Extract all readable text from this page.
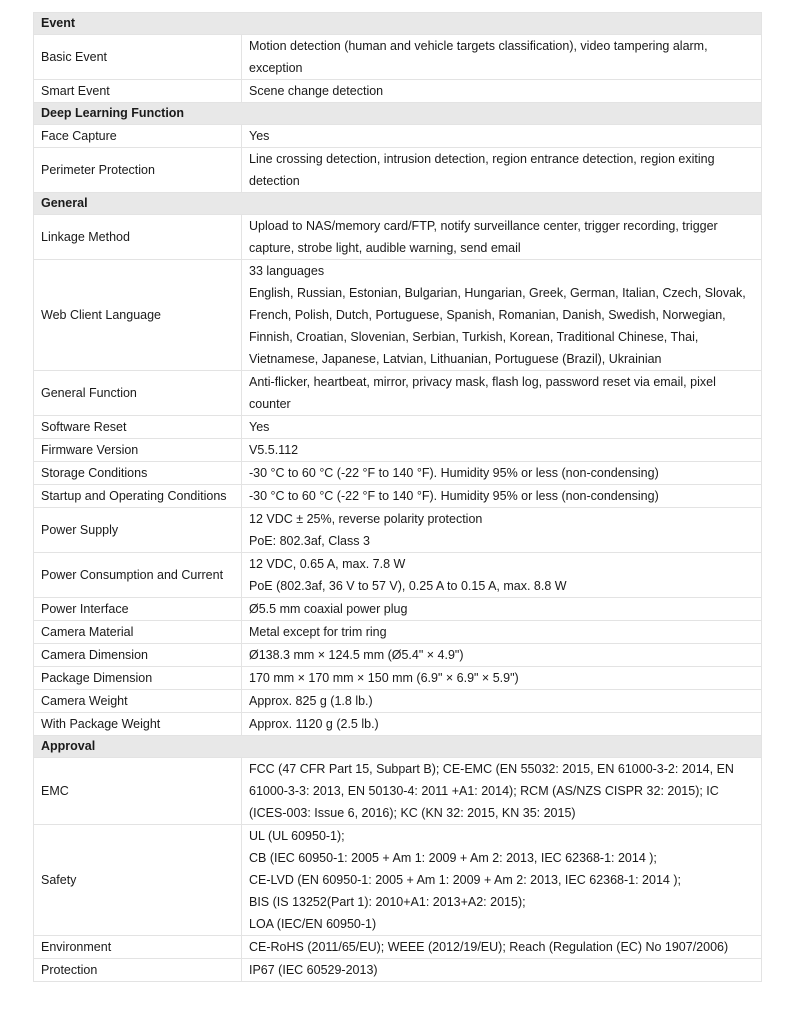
Event	
Basic Event	Motion detection (human and vehicle targets classification), video tampering alarm,
exception
Smart Event	Scene change detection
Deep Learning Function	
Face Capture	Yes
Perimeter Protection	Line crossing detection, intrusion detection, region entrance detection, region exiting
detection
General	
Linkage Method	Upload to NAS/memory card/FTP, notify surveillance center, trigger recording, trigger
capture, strobe light, audible warning, send email
Web Client Language	33 languages
English, Russian, Estonian, Bulgarian, Hungarian, Greek, German, Italian, Czech, Slovak,
French, Polish, Dutch, Portuguese, Spanish, Romanian, Danish, Swedish, Norwegian,
Finnish, Croatian, Slovenian, Serbian, Turkish, Korean, Traditional Chinese, Thai,
Vietnamese, Japanese, Latvian, Lithuanian, Portuguese (Brazil), Ukrainian
General Function	Anti-flicker, heartbeat, mirror, privacy mask, flash log, password reset via email, pixel
counter
Software Reset	Yes
Firmware Version	V5.5.112
Storage Conditions	-30 °C to 60 °C (-22 °F to 140 °F). Humidity 95% or less (non-condensing)
Startup and Operating Conditions	-30 °C to 60 °C (-22 °F to 140 °F). Humidity 95% or less (non-condensing)
Power Supply	12 VDC ± 25%, reverse polarity protection
PoE: 802.3af, Class 3
Power Consumption and Current	12 VDC, 0.65 A, max. 7.8 W
PoE (802.3af, 36 V to 57 V), 0.25 A to 0.15 A, max. 8.8 W
Power Interface	Ø5.5 mm coaxial power plug
Camera Material	Metal except for trim ring
Camera Dimension	Ø138.3 mm × 124.5 mm (Ø5.4" × 4.9")
Package Dimension	170 mm × 170 mm × 150 mm (6.9" × 6.9" × 5.9")
Camera Weight	Approx. 825 g (1.8 lb.)
With Package Weight	Approx. 1120 g (2.5 lb.)
Approval	
EMC	FCC (47 CFR Part 15, Subpart B); CE-EMC (EN 55032: 2015, EN 61000-3-2: 2014, EN
61000-3-3: 2013, EN 50130-4: 2011 +A1: 2014); RCM (AS/NZS CISPR 32: 2015); IC
(ICES-003: Issue 6, 2016); KC (KN 32: 2015, KN 35: 2015)
Safety	UL (UL 60950-1);
CB (IEC 60950-1: 2005 + Am 1: 2009 + Am 2: 2013, IEC 62368-1: 2014 );
CE-LVD (EN 60950-1: 2005 + Am 1: 2009 + Am 2: 2013, IEC 62368-1: 2014 );
BIS (IS 13252(Part 1): 2010+A1: 2013+A2: 2015);
LOA (IEC/EN 60950-1)
Environment	CE-RoHS (2011/65/EU); WEEE (2012/19/EU); Reach (Regulation (EC) No 1907/2006)
Protection	IP67 (IEC 60529-2013)
